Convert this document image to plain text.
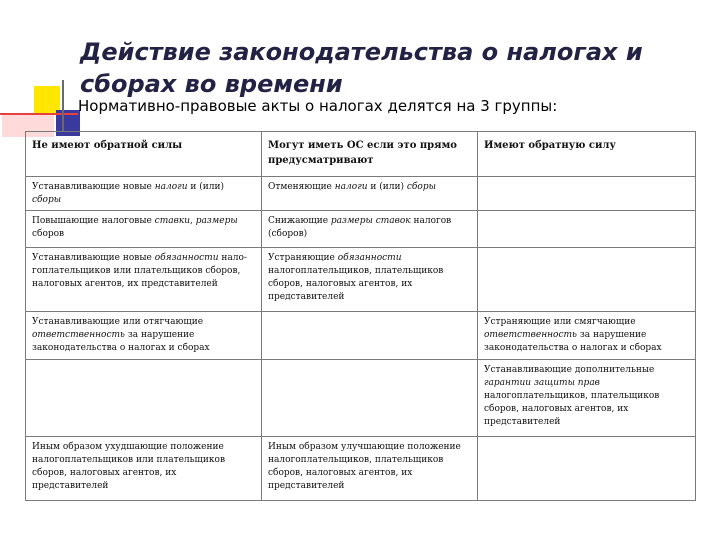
Действие законодательства о налогах и сборах во времени

Нормативно-правовые акты о налогах делятся на 3 группы:

Не имеют обратной силы	Могут иметь ОС если это прямо предусматривают	Имеют обратную силу
Устанавливающие новые налоги и (или) сборы	Отменяющие налоги и (или) сборы	
Повышающие налоговые ставки, размеры сборов	Снижающие размеры ставок налогов (сборов)	
Устанавливающие новые обязанности нало-гоплательщиков или плательщиков сборов, налоговых агентов, их представителей	Устраняющие обязанности налогоплательщиков, плательщиков сборов, налоговых агентов, их представителей	
Устанавливающие или отягчающие ответственность за нарушение законодательства о налогах и сборах		Устраняющие или смягчающие ответственность за нарушение законодательства о налогах и сборах
		Устанавливающие дополнительные гарантии защиты прав налогоплательщиков, плательщиков сборов, налоговых агентов, их представителей
Иным образом ухудшающие положение налогоплательщиков или плательщиков сборов, налоговых агентов, их представителей	Иным образом улучшающие положение налогоплательщиков, плательщиков сборов, налоговых агентов, их представителей	
